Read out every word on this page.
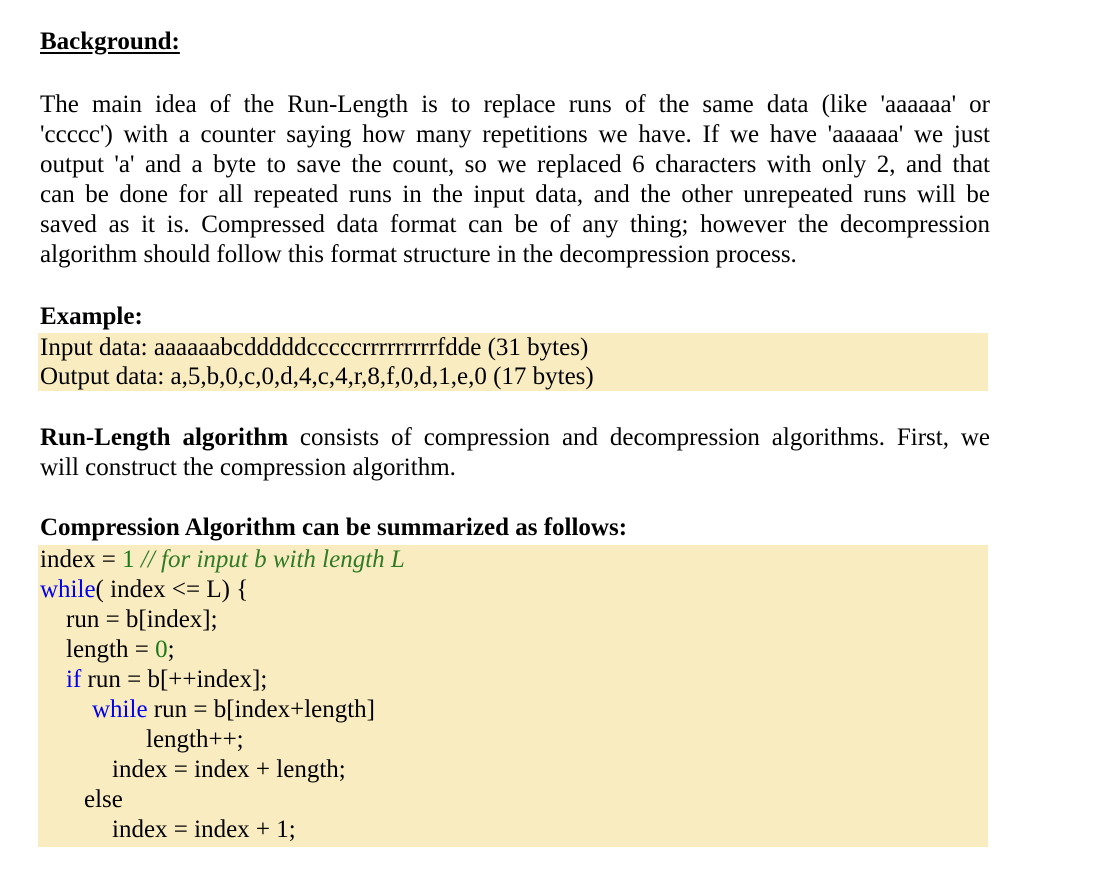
Background:
The main idea of the Run-Length is to replace runs of the same data (like 'aaaaaa' or
'ccccc') with a counter saying how many repetitions we have. If we have 'aaaaaa' we just
output 'a' and a byte to save the count, so we replaced 6 characters with only 2, and that
can be done for all repeated runs in the input data, and the other unrepeated runs will be
saved as it is. Compressed data format can be of any thing; however the decompression
algorithm should follow this format structure in the decompression process.
Example:
Input data: aaaaaabcdddddcccccrrrrrrrrrfdde (31 bytes)
Output data: a,5,b,0,c,0,d,4,c,4,r,8,f,0,d,1,e,0 (17 bytes)
Run-Length algorithm consists of compression and decompression algorithms. First, we
will construct the compression algorithm.
Compression Algorithm can be summarized as follows:
index = 1 // for input b with length L
while( index <= L) {
run = b[index];
length = 0;
if run = b[++index];
while run = b[index+length]
length++;
index = index + length;
else
index = index + 1;
